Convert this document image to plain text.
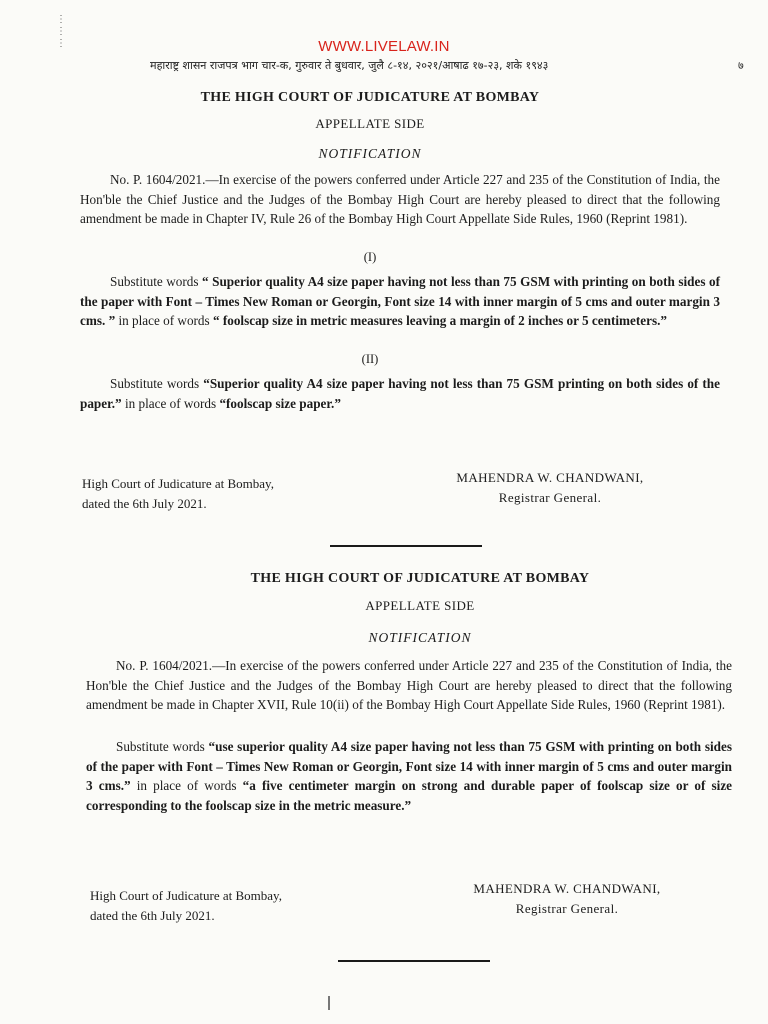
⋮
⋮
⋮	WWW.LIVELAW.IN
महाराष्ट्र शासन राजपत्र भाग चार-क, गुरुवार ते बुधवार, जुलै ८-१४, २०२१/आषाढ १७-२३, शके १९४३	७
THE HIGH COURT OF JUDICATURE AT BOMBAY
APPELLATE SIDE
NOTIFICATION

No. P. 1604/2021.—In exercise of the powers conferred under Article 227 and 235 of the Constitution of India, the Hon'ble the Chief Justice and the Judges of the Bombay High Court are hereby pleased to direct that the following amendment be made in Chapter IV, Rule 26 of the Bombay High Court Appellate Side Rules, 1960 (Reprint 1981).

(I)

Substitute words “ Superior quality A4 size paper having not less than 75 GSM with printing on both sides of the paper with Font – Times New Roman or Georgin, Font size 14 with inner margin of 5 cms and outer margin 3 cms. ” in place of words “ foolscap size in metric measures leaving a margin of 2 inches or 5 centimeters.”

(II)

Substitute words “Superior quality A4 size paper having not less than 75 GSM printing on both sides of the paper.” in place of words “foolscap size paper.”

High Court of Judicature at Bombay,
dated the 6th July 2021.
MAHENDRA W. CHANDWANI,
Registrar General.
THE HIGH COURT OF JUDICATURE AT BOMBAY
APPELLATE SIDE
NOTIFICATION

No. P. 1604/2021.—In exercise of the powers conferred under Article 227 and 235 of the Constitution of India, the Hon'ble the Chief Justice and the Judges of the Bombay High Court are hereby pleased to direct that the following amendment be made in Chapter XVII, Rule 10(ii) of the Bombay High Court Appellate Side Rules, 1960 (Reprint 1981).

Substitute words “use superior quality A4 size paper having not less than 75 GSM with printing on both sides of the paper with Font – Times New Roman or Georgin, Font size 14 with inner margin of 5 cms and outer margin 3 cms.” in place of words “a five centimeter margin on strong and durable paper of foolscap size or of size corresponding to the foolscap size in the metric measure.”

High Court of Judicature at Bombay,
dated the 6th July 2021.
MAHENDRA W. CHANDWANI,
Registrar General.
